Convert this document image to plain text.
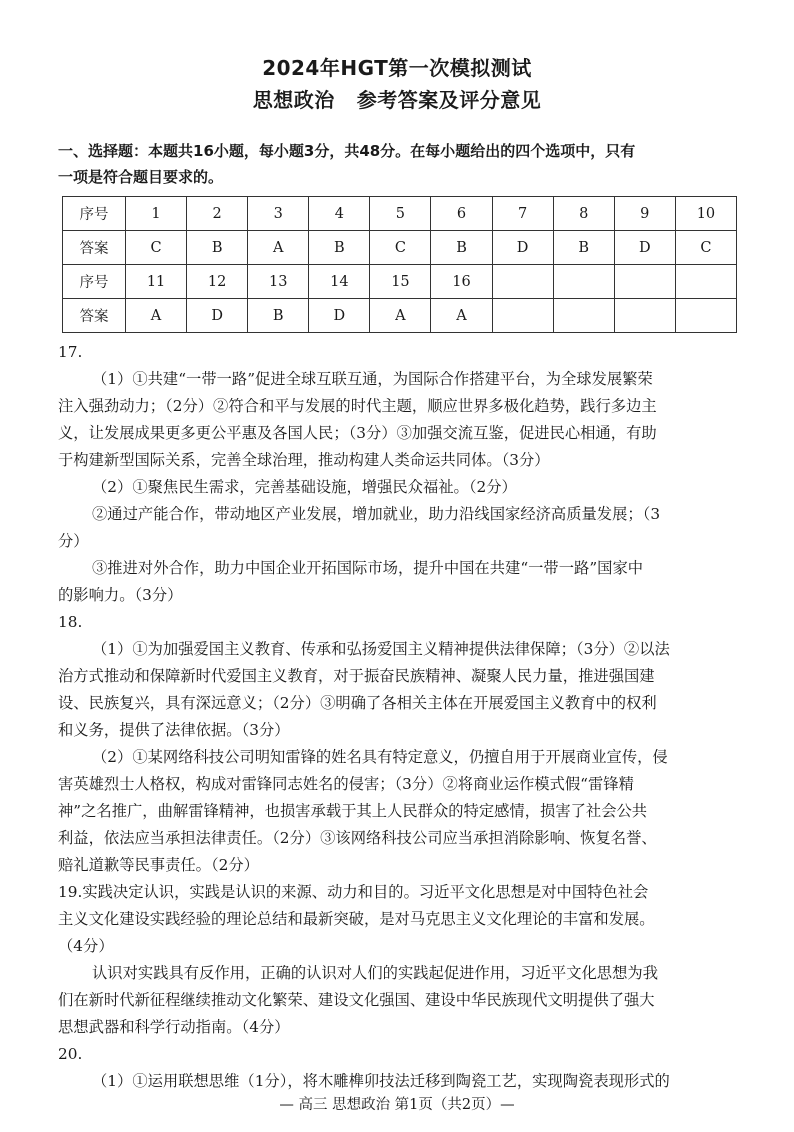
2024年HGT第一次模拟测试
思想政治 参考答案及评分意见
一、选择题：本题共16小题，每小题3分，共48分。在每小题给出的四个选项中，只有
一项是符合题目要求的。
序号	1	2	3	4	5	6	7	8	9	10
答案	C	B	A	B	C	B	D	B	D	C
序号	11	12	13	14	15	16				
答案	A	D	B	D	A	A				
17.
（1）①共建“一带一路”促进全球互联互通，为国际合作搭建平台，为全球发展繁荣
注入强劲动力；（2分）②符合和平与发展的时代主题，顺应世界多极化趋势，践行多边主
义，让发展成果更多更公平惠及各国人民；（3分）③加强交流互鉴，促进民心相通，有助
于构建新型国际关系，完善全球治理，推动构建人类命运共同体。（3分）
（2）①聚焦民生需求，完善基础设施，增强民众福祉。（2分）
②通过产能合作，带动地区产业发展，增加就业，助力沿线国家经济高质量发展；（3
分）
③推进对外合作，助力中国企业开拓国际市场，提升中国在共建“一带一路”国家中
的影响力。（3分）
18.
（1）①为加强爱国主义教育、传承和弘扬爱国主义精神提供法律保障；（3分）②以法
治方式推动和保障新时代爱国主义教育，对于振奋民族精神、凝聚人民力量，推进强国建
设、民族复兴，具有深远意义；（2分）③明确了各相关主体在开展爱国主义教育中的权利
和义务，提供了法律依据。（3分）
（2）①某网络科技公司明知雷锋的姓名具有特定意义，仍擅自用于开展商业宣传，侵
害英雄烈士人格权，构成对雷锋同志姓名的侵害；（3分）②将商业运作模式假“雷锋精
神”之名推广，曲解雷锋精神，也损害承载于其上人民群众的特定感情，损害了社会公共
利益，依法应当承担法律责任。（2分）③该网络科技公司应当承担消除影响、恢复名誉、
赔礼道歉等民事责任。（2分）
19.实践决定认识，实践是认识的来源、动力和目的。习近平文化思想是对中国特色社会
主义文化建设实践经验的理论总结和最新突破，是对马克思主义文化理论的丰富和发展。
（4分）
认识对实践具有反作用，正确的认识对人们的实践起促进作用，习近平文化思想为我
们在新时代新征程继续推动文化繁荣、建设文化强国、建设中华民族现代文明提供了强大
思想武器和科学行动指南。（4分）
20.
（1）①运用联想思维（1分），将木雕榫卯技法迁移到陶瓷工艺，实现陶瓷表现形式的
— 高三 思想政治 第1页（共2页）—
